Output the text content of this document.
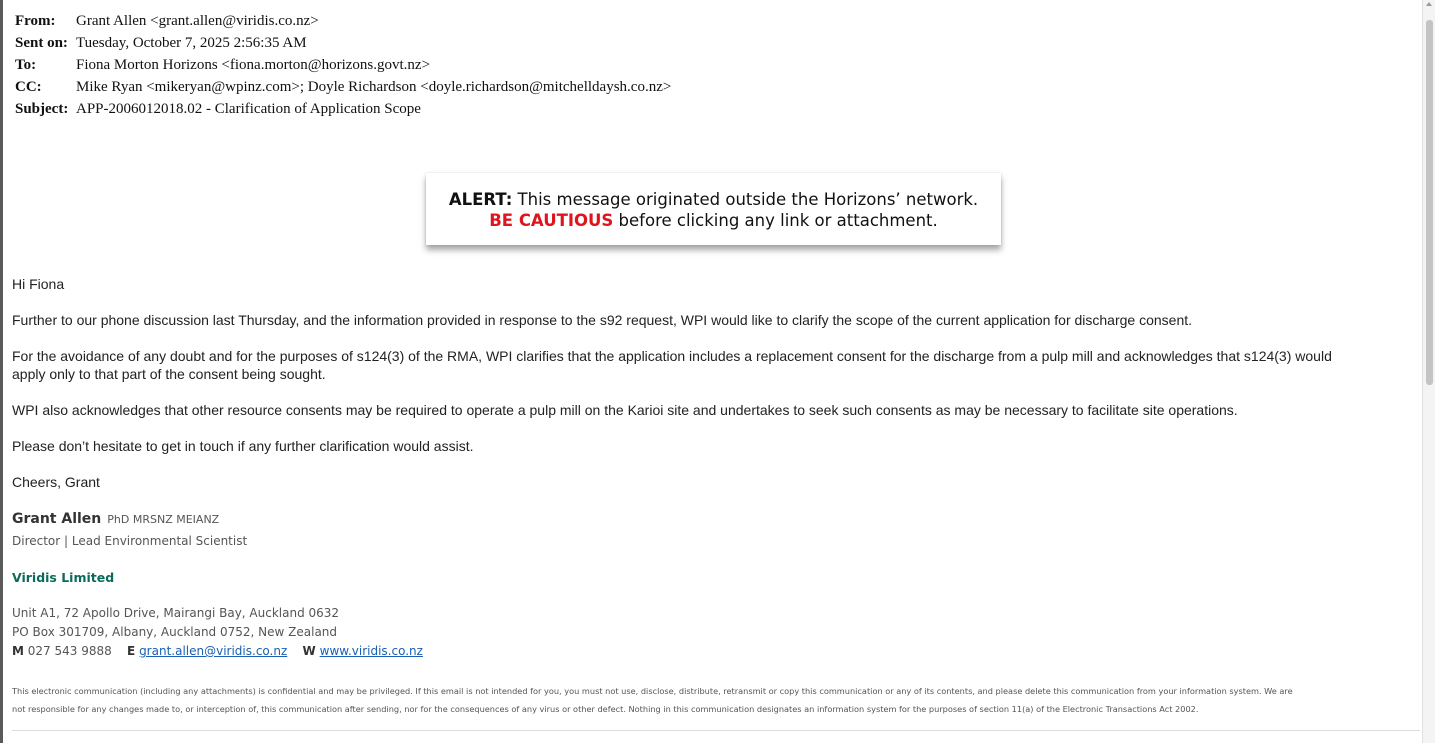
From:	Grant Allen <grant.allen@viridis.co.nz>
Sent on: Tuesday, October 7, 2025 2:56:35 AM
To:	Fiona Morton Horizons <fiona.morton@horizons.govt.nz>
CC:	Mike Ryan <mikeryan@wpinz.com>; Doyle Richardson <doyle.richardson@mitchelldaysh.co.nz>
Subject: APP-2006012018.02 - Clarification of Application Scope
ALERT: This message originated outside the Horizons’ network.
BE CAUTIOUS before clicking any link or attachment.

Hi Fiona

Further to our phone discussion last Thursday, and the information provided in response to the s92 request, WPI would like to clarify the scope of the current application for discharge consent.

For the avoidance of any doubt and for the purposes of s124(3) of the RMA, WPI clarifies that the application includes a replacement consent for the discharge from a pulp mill and acknowledges that s124(3) would

apply only to that part of the consent being sought.

WPI also acknowledges that other resource consents may be required to operate a pulp mill on the Karioi site and undertakes to seek such consents as may be necessary to facilitate site operations.

Please don’t hesitate to get in touch if any further clarification would assist.

Cheers, Grant

Grant Allen PhD MRSNZ MEIANZ
Director | Lead Environmental Scientist
Viridis Limited
Unit A1, 72 Apollo Drive, Mairangi Bay, Auckland 0632
PO Box 301709, Albany, Auckland 0752, New Zealand
M 027 543 9888 E grant.allen@viridis.co.nz W www.viridis.co.nz
This electronic communication (including any attachments) is confidential and may be privileged. If this email is not intended for you, you must not use, disclose, distribute, retransmit or copy this communication or any of its contents, and please delete this communication from your information system. We are
not responsible for any changes made to, or interception of, this communication after sending, nor for the consequences of any virus or other defect. Nothing in this communication designates an information system for the purposes of section 11(a) of the Electronic Transactions Act 2002.
